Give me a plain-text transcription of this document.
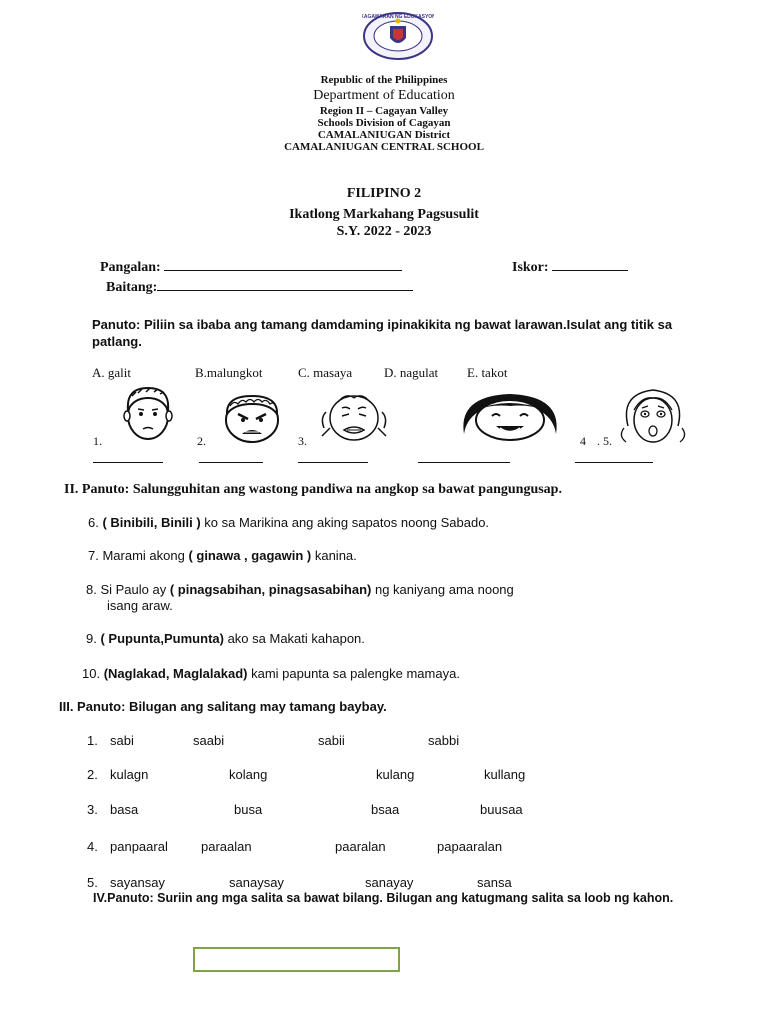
KAGAWARAN NG EDUKASYON
Republic of the Philippines
Department of Education
Region II – Cagayan Valley
Schools Division of Cagayan
CAMALANIUGAN District
CAMALANIUGAN CENTRAL SCHOOL
FILIPINO 2
Ikatlong Markahang Pagsusulit
S.Y. 2022 - 2023
Pangalan:	Iskor:
Baitang:
Panuto: Piliin sa ibaba ang tamang damdaming ipinakikita ng bawat larawan.Isulat ang titik sa patlang.
A. galit	B.malungkot	C. masaya D. nagulat E. takot
1.	2.	3.	4 . 5.
II. Panuto: Salungguhitan ang wastong pandiwa na angkop sa bawat pangungusap.
6. ( Binibili, Binili ) ko sa Marikina ang aking sapatos noong Sabado.
7. Marami akong ( ginawa , gagawin ) kanina.
8. Si Paulo ay ( pinagsabihan, pinagsasabihan) ng kaniyang ama noong
isang araw.
9. ( Pupunta,Pumunta) ako sa Makati kahapon.
10. (Naglakad, Maglalakad) kami papunta sa palengke mamaya.
III. Panuto: Bilugan ang salitang may tamang baybay.
1. sabi	saabi	sabii	sabbi
2. kulagn	kolang	kulang	kullang
3. basa	busa	bsaa	buusaa
4. panpaaral	paraalan	paaralan	papaaralan
5. sayansay	sanaysay	sanayay	sansa
IV.Panuto: Suriin ang mga salita sa bawat bilang. Bilugan ang katugmang salita sa loob ng kahon.
